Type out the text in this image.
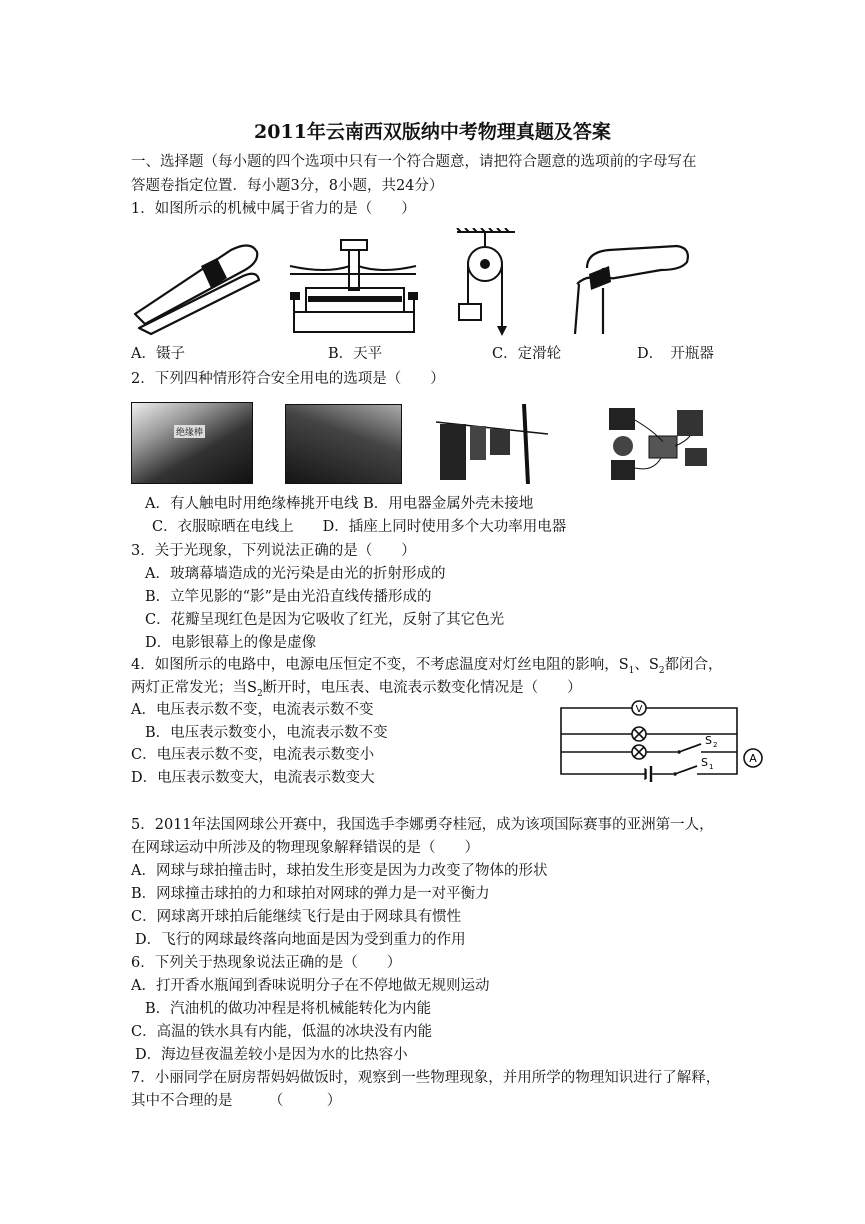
2011年云南西双版纳中考物理真题及答案
一、选择题（每小题的四个选项中只有一个符合题意，请把符合题意的选项前的字母写在
答题卷指定位置．每小题3分，8小题，共24分）
1．如图所示的机械中属于省力的是（　　）
A．镊子	B．天平	C．定滑轮	D．　开瓶器
2．下列四种情形符合安全用电的选项是（　　）
绝缘棒
A．有人触电时用绝缘棒挑开电线 B．用电器金属外壳未接地
C．衣服晾晒在电线上　　D．插座上同时使用多个大功率用电器
3．关于光现象，下列说法正确的是（　　）
A．玻璃幕墙造成的光污染是由光的折射形成的
B．立竿见影的“影”是由光沿直线传播形成的
C．花瓣呈现红色是因为它吸收了红光，反射了其它色光
D．电影银幕上的像是虚像
4．如图所示的电路中，电源电压恒定不变，不考虑温度对灯丝电阻的影响，$S_1$、$S_2$都闭合，
两灯正常发光；当$S_2$断开时，电压表、电流表示数变化情况是（　　）
A．电压表示数不变，电流表示数不变
B．电压表示数变小，电流表示数不变
C．电压表示数不变，电流表示数变小
D．电压表示数变大，电流表示数变大
V
A
S 2
S 1
5．2011年法国网球公开赛中，我国选手李娜勇夺桂冠，成为该项国际赛事的亚洲第一人，
在网球运动中所涉及的物理现象解释错误的是（　　）
A．网球与球拍撞击时，球拍发生形变是因为力改变了物体的形状
B．网球撞击球拍的力和球拍对网球的弹力是一对平衡力
C．网球离开球拍后能继续飞行是由于网球具有惯性
D．飞行的网球最终落向地面是因为受到重力的作用
6．下列关于热现象说法正确的是（　　）
A．打开香水瓶闻到香味说明分子在不停地做无规则运动
B．汽油机的做功冲程是将机械能转化为内能
C．高温的铁水具有内能，低温的冰块没有内能
D．海边昼夜温差较小是因为水的比热容小
7．小丽同学在厨房帮妈妈做饭时，观察到一些物理现象，并用所学的物理知识进行了解释，
其中不合理的是　　　（　　　）
